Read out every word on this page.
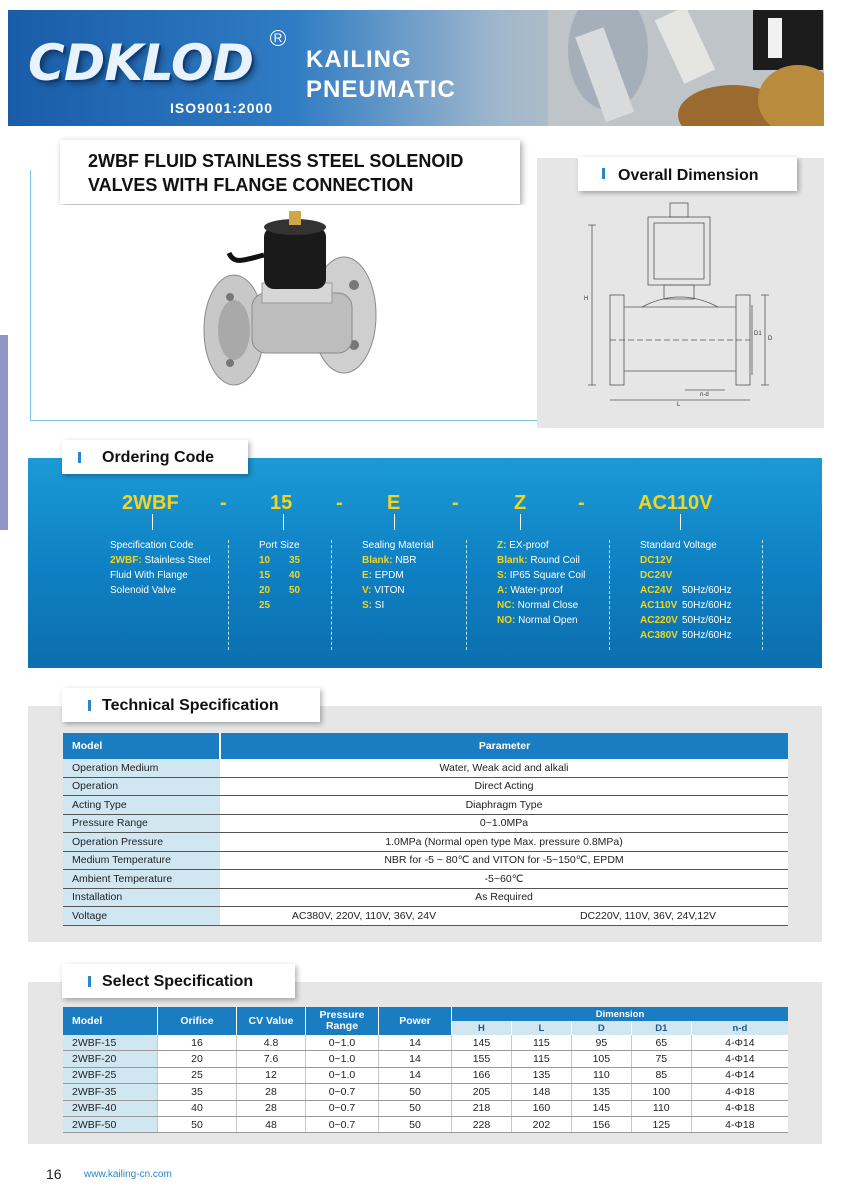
CDKLOD	R
ISO9001:2000
KAILING
PNEUMATIC
2WBF FLUID STAINLESS STEEL SOLENOID
VALVES WITH FLANGE CONNECTION	Overall Dimension
H
D1
D
L
n-d
Ordering Code
2WBF - 15 - E	-	Z	-	AC110V
Specification Code
2WBF: Stainless Steel
Fluid With Flange
Solenoid Valve
Port Size
10 35
15 40
20 50
25
Sealing Material
Blank: NBR
E: EPDM
V: VITON
S: SI
Z: EX-proof
Blank: Round Coil
S: IP65 Square Coil
A: Water-proof
NC: Normal Close
NO: Normal Open
Standard Voltage
DC12V
DC24V
AC24V 50Hz/60Hz
AC110V 50Hz/60Hz
AC220V 50Hz/60Hz
AC380V 50Hz/60Hz
Technical Specification
Model	Parameter	
Operation Medium	Water, Weak acid and alkali	
Operation	Direct Acting	
Acting Type	Diaphragm Type	
Pressure Range	0~1.0MPa	
Operation Pressure	1.0MPa (Normal open type Max. pressure 0.8MPa)	
Medium Temperature	NBR for -5 ~ 80℃ and VITON for -5~150℃, EPDM	
Ambient Temperature	-5~60℃	
Installation	As Required	
Voltage	AC380V, 220V, 110V, 36V, 24V	DC220V, 110V, 36V, 24V,12V
Select Specification
Model	Orifice	CV Value	Pressure Range	Power	Dimension				
					H	L	D	D1	n-d
2WBF-15	16	4.8	0~1.0	14	145	115	95	65	4-Φ14
2WBF-20	20	7.6	0~1.0	14	155	115	105	75	4-Φ14
2WBF-25	25	12	0~1.0	14	166	135	110	85	4-Φ14
2WBF-35	35	28	0~0.7	50	205	148	135	100	4-Φ18
2WBF-40	40	28	0~0.7	50	218	160	145	110	4-Φ18
2WBF-50	50	48	0~0.7	50	228	202	156	125	4-Φ18
16 www.kailing-cn.com
